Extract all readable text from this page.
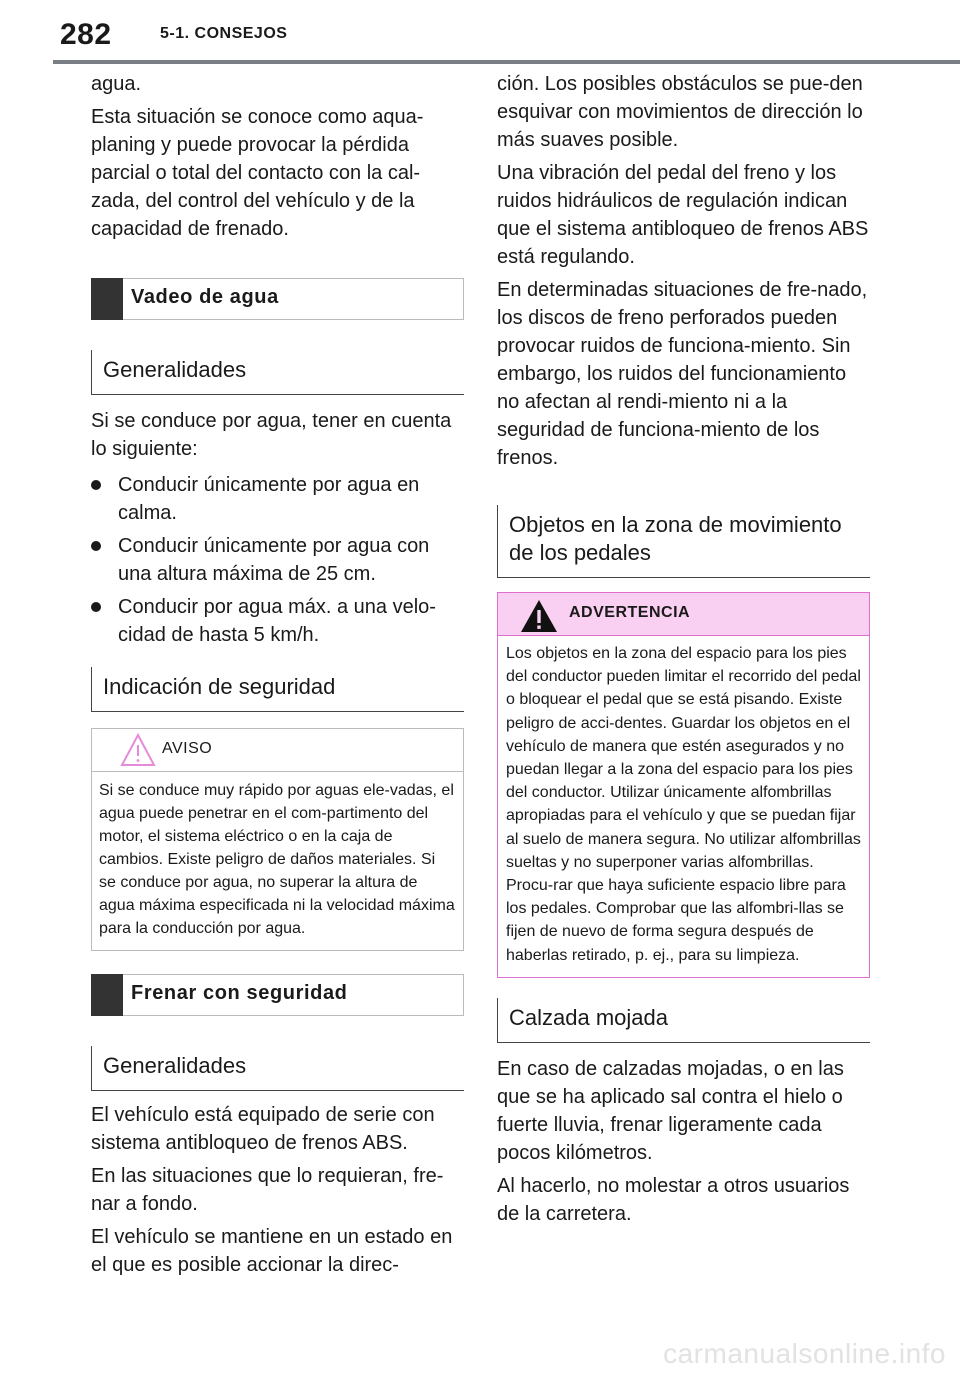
282	5-1. CONSEJOS

agua.

Esta situación se conoce como aqua-planing y puede provocar la pérdida parcial o total del contacto con la cal-zada, del control del vehículo y de la capacidad de frenado.

Vadeo de agua
Generalidades

Si se conduce por agua, tener en cuenta lo siguiente:

Conducir únicamente por agua en calma.
Conducir únicamente por agua con una altura máxima de 25 cm.
Conducir por agua máx. a una velo-cidad de hasta 5 km/h.
Indicación de seguridad
AVISO
Si se conduce muy rápido por aguas ele-vadas, el agua puede penetrar en el com-partimento del motor, el sistema eléctrico o en la caja de cambios. Existe peligro de daños materiales. Si se conduce por agua, no superar la altura de agua máxima especificada ni la velocidad máxima para la conducción por agua.
Frenar con seguridad
Generalidades

El vehículo está equipado de serie con sistema antibloqueo de frenos ABS.

En las situaciones que lo requieran, fre-nar a fondo.

El vehículo se mantiene en un estado en el que es posible accionar la direc-

ción. Los posibles obstáculos se pue-den esquivar con movimientos de dirección lo más suaves posible.

Una vibración del pedal del freno y los ruidos hidráulicos de regulación indican que el sistema antibloqueo de frenos ABS está regulando.

En determinadas situaciones de fre-nado, los discos de freno perforados pueden provocar ruidos de funciona-miento. Sin embargo, los ruidos del funcionamiento no afectan al rendi-miento ni a la seguridad de funciona-miento de los frenos.

Objetos en la zona de movimiento de los pedales
ADVERTENCIA
Los objetos en la zona del espacio para los pies del conductor pueden limitar el recorrido del pedal o bloquear el pedal que se está pisando. Existe peligro de acci-dentes. Guardar los objetos en el vehículo de manera que estén asegurados y no puedan llegar a la zona del espacio para los pies del conductor. Utilizar únicamente alfombrillas apropiadas para el vehículo y que se puedan fijar al suelo de manera segura. No utilizar alfombrillas sueltas y no superponer varias alfombrillas. Procu-rar que haya suficiente espacio libre para los pedales. Comprobar que las alfombri-llas se fijen de nuevo de forma segura después de haberlas retirado, p. ej., para su limpieza.
Calzada mojada

En caso de calzadas mojadas, o en las que se ha aplicado sal contra el hielo o fuerte lluvia, frenar ligeramente cada pocos kilómetros.

Al hacerlo, no molestar a otros usuarios de la carretera.

carmanualsonline.info
